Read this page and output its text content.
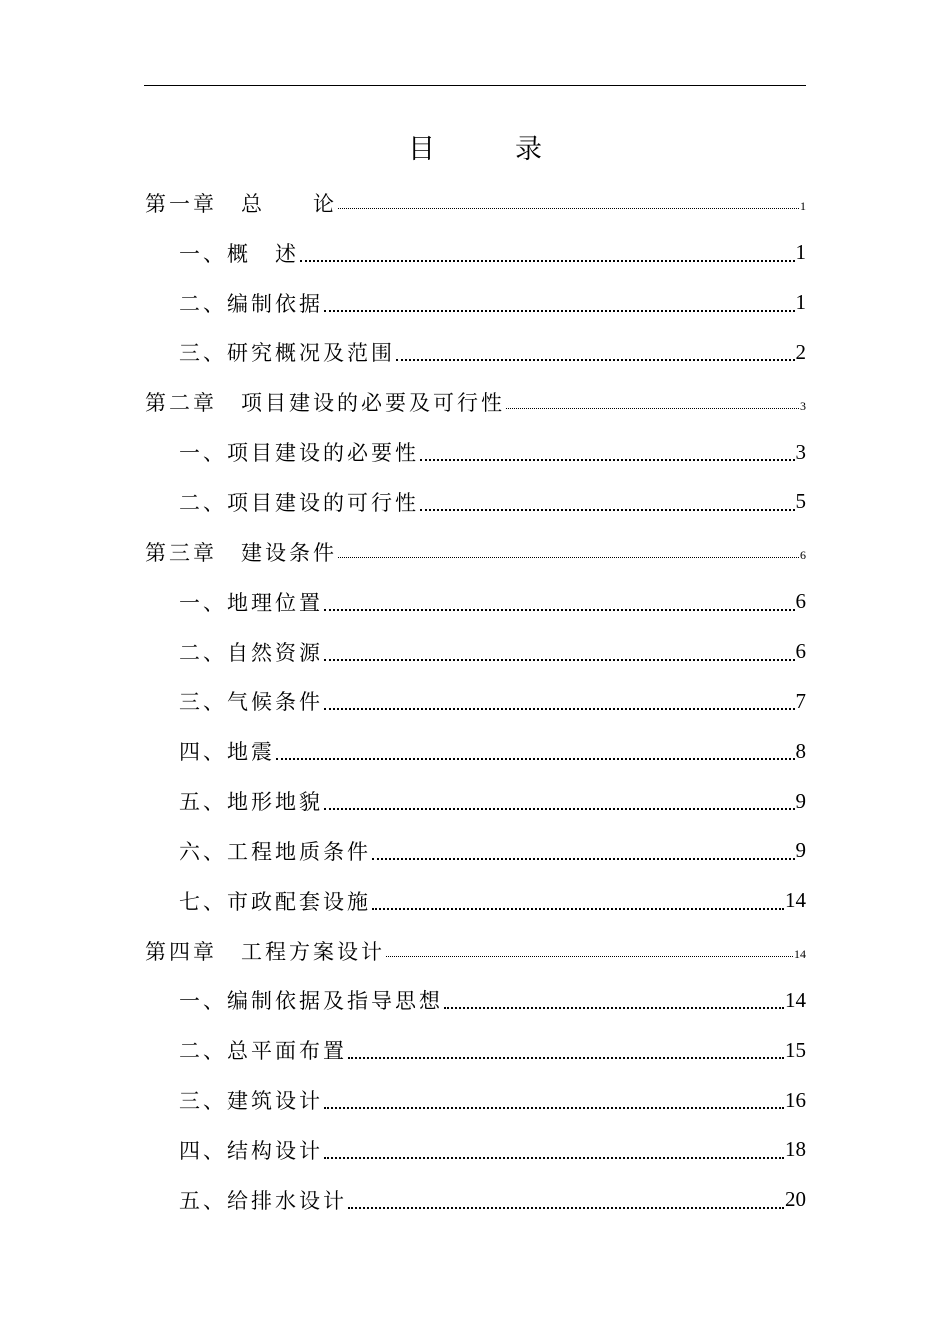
目	录
第一章　总　　论	1
一、概　述	1
二、编制依据	1
三、研究概况及范围	2
第二章　项目建设的必要及可行性	3
一、项目建设的必要性	3
二、项目建设的可行性	5
第三章　建设条件	6
一、地理位置	6
二、自然资源	6
三、气候条件	7
四、地震	8
五、地形地貌	9
六、工程地质条件	9
七、市政配套设施	14
第四章　工程方案设计	14
一、编制依据及指导思想	14
二、总平面布置	15
三、建筑设计	16
四、结构设计	18
五、给排水设计	20
